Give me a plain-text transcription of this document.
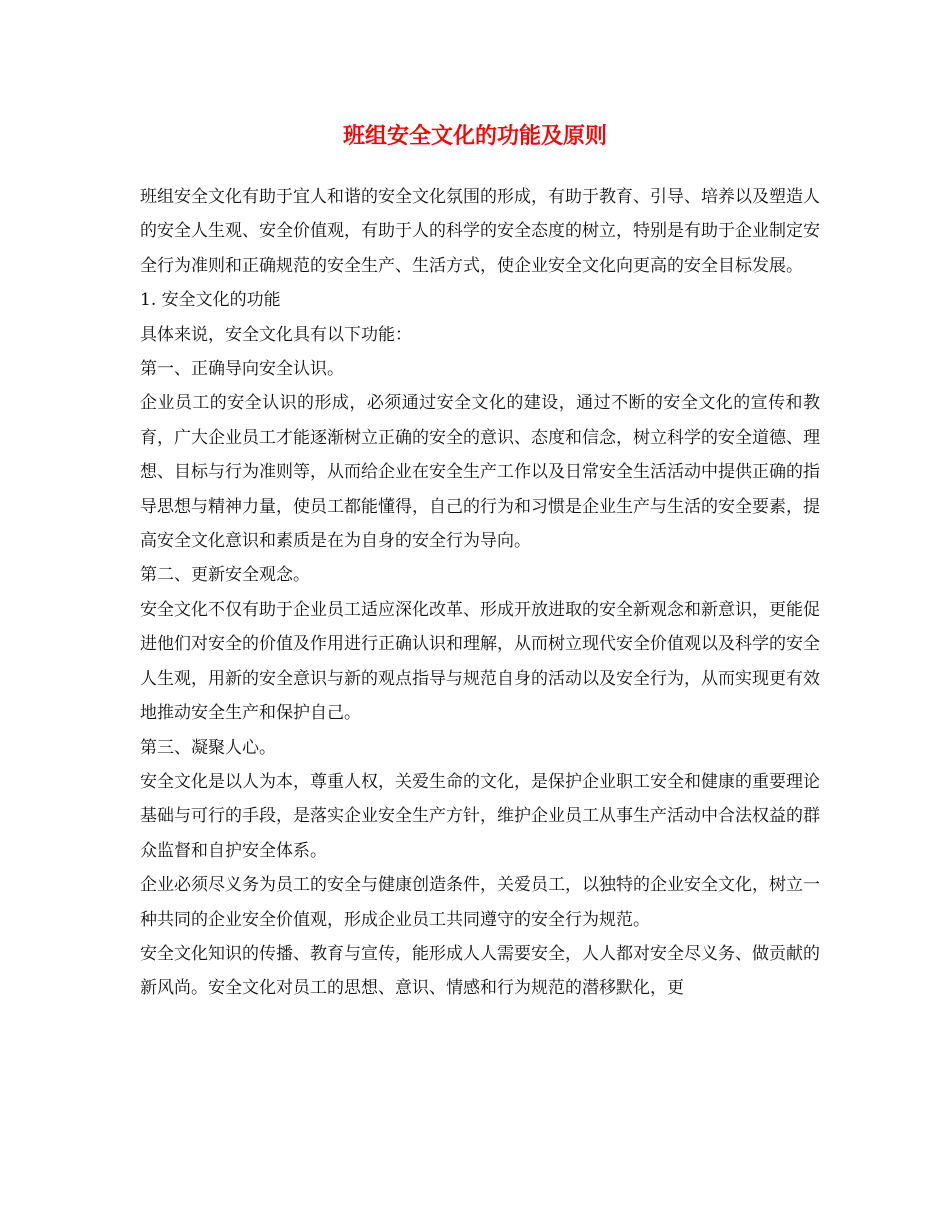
班组安全文化的功能及原则

班组安全文化有助于宜人和谐的安全文化氛围的形成，有助于教育、引导、培养以及塑造人的安全人生观、安全价值观，有助于人的科学的安全态度的树立，特别是有助于企业制定安全行为准则和正确规范的安全生产、生活方式，使企业安全文化向更高的安全目标发展。

1. 安全文化的功能

具体来说，安全文化具有以下功能：

第一、正确导向安全认识。

企业员工的安全认识的形成，必须通过安全文化的建设，通过不断的安全文化的宣传和教育，广大企业员工才能逐渐树立正确的安全的意识、态度和信念，树立科学的安全道德、理想、目标与行为准则等，从而给企业在安全生产工作以及日常安全生活活动中提供正确的指导思想与精神力量，使员工都能懂得，自己的行为和习惯是企业生产与生活的安全要素，提高安全文化意识和素质是在为自身的安全行为导向。

第二、更新安全观念。

安全文化不仅有助于企业员工适应深化改革、形成开放进取的安全新观念和新意识，更能促进他们对安全的价值及作用进行正确认识和理解，从而树立现代安全价值观以及科学的安全人生观，用新的安全意识与新的观点指导与规范自身的活动以及安全行为，从而实现更有效地推动安全生产和保护自己。

第三、凝聚人心。

安全文化是以人为本，尊重人权，关爱生命的文化，是保护企业职工安全和健康的重要理论基础与可行的手段，是落实企业安全生产方针，维护企业员工从事生产活动中合法权益的群众监督和自护安全体系。

企业必须尽义务为员工的安全与健康创造条件，关爱员工，以独特的企业安全文化，树立一种共同的企业安全价值观，形成企业员工共同遵守的安全行为规范。

安全文化知识的传播、教育与宣传，能形成人人需要安全，人人都对安全尽义务、做贡献的新风尚。安全文化对员工的思想、意识、情感和行为规范的潜移默化，更
